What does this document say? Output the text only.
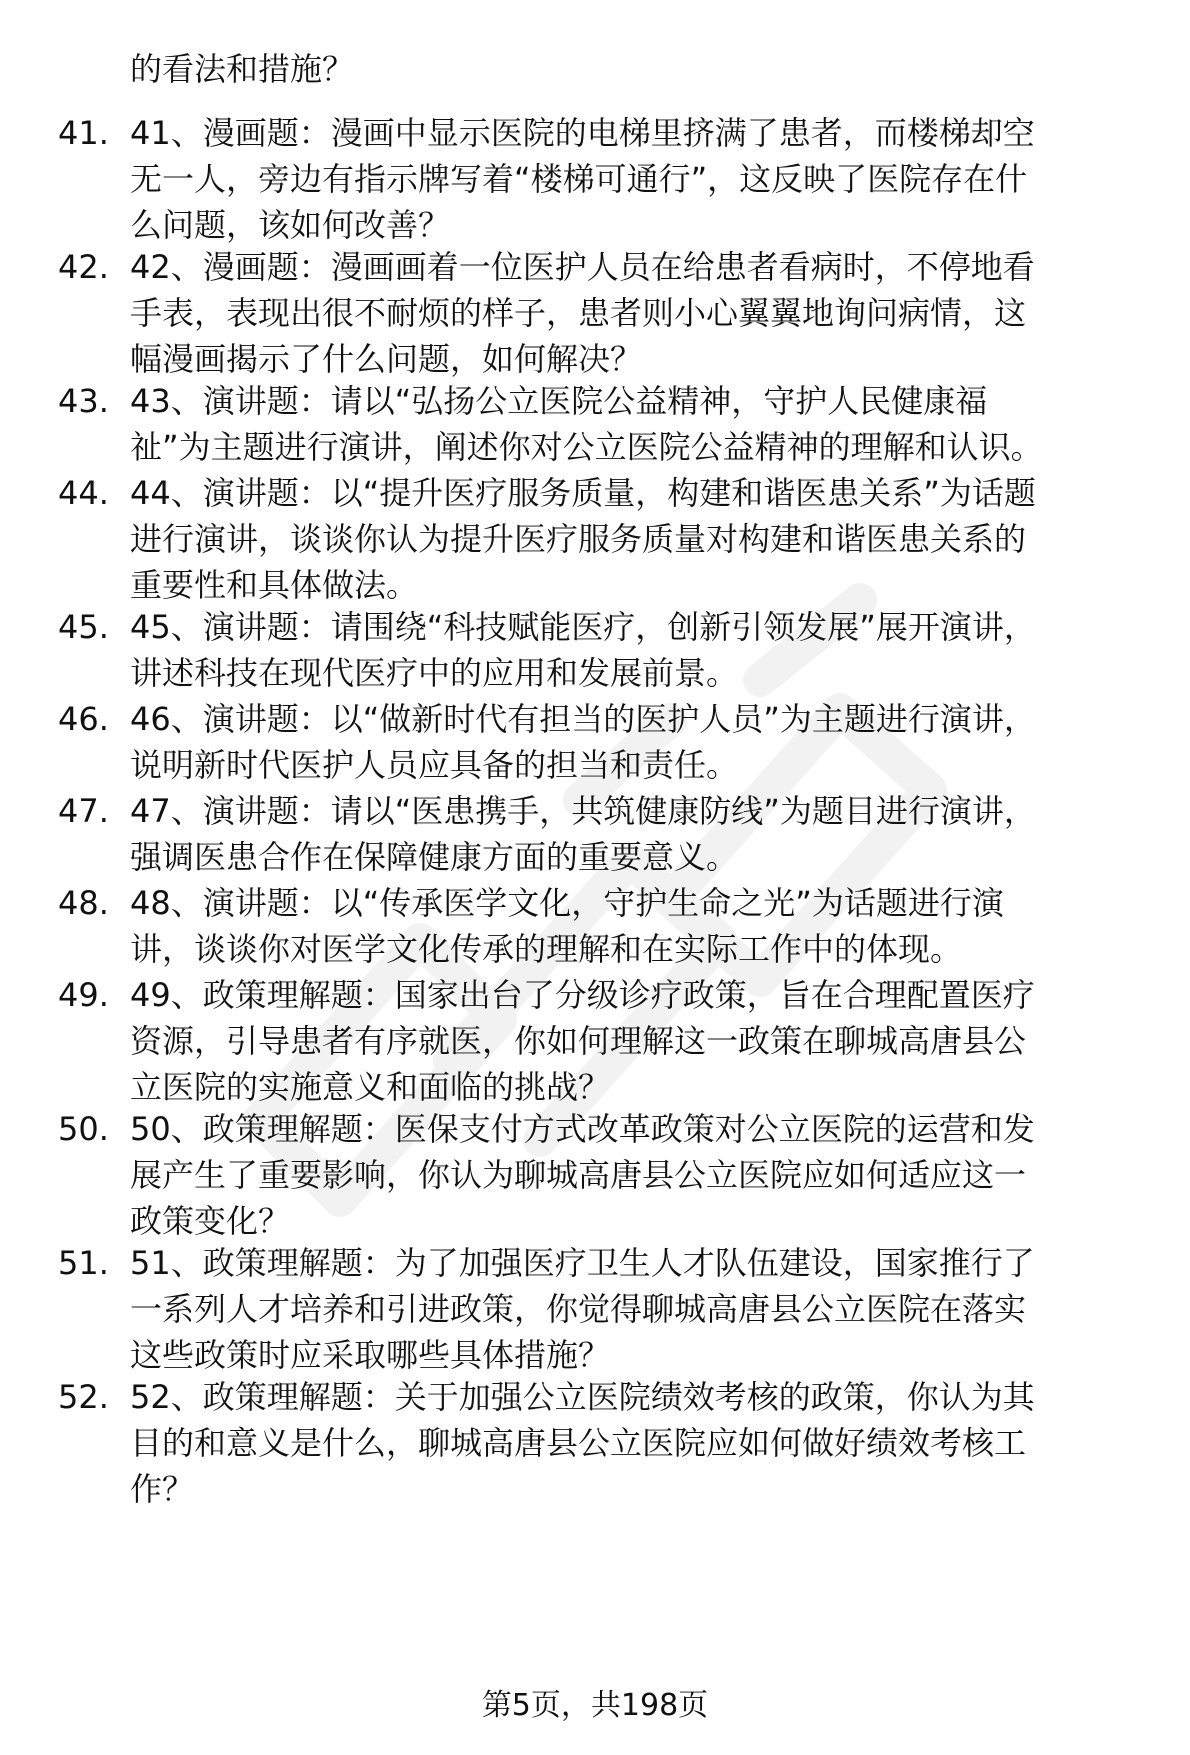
的看法和措施？
41. 41、漫画题：漫画中显示医院的电梯里挤满了患者，而楼梯却空
无一人，旁边有指示牌写着“楼梯可通行”，这反映了医院存在什
么问题，该如何改善？
42. 42、漫画题：漫画画着一位医护人员在给患者看病时，不停地看
手表，表现出很不耐烦的样子，患者则小心翼翼地询问病情，这
幅漫画揭示了什么问题，如何解决？
43. 43、演讲题：请以“弘扬公立医院公益精神，守护人民健康福
祉”为主题进行演讲，阐述你对公立医院公益精神的理解和认识。
44. 44、演讲题：以“提升医疗服务质量，构建和谐医患关系”为话题
进行演讲，谈谈你认为提升医疗服务质量对构建和谐医患关系的
重要性和具体做法。
45. 45、演讲题：请围绕“科技赋能医疗，创新引领发展”展开演讲，
讲述科技在现代医疗中的应用和发展前景。
46. 46、演讲题：以“做新时代有担当的医护人员”为主题进行演讲，
说明新时代医护人员应具备的担当和责任。
47. 47、演讲题：请以“医患携手，共筑健康防线”为题目进行演讲，
强调医患合作在保障健康方面的重要意义。
48. 48、演讲题：以“传承医学文化，守护生命之光”为话题进行演
讲，谈谈你对医学文化传承的理解和在实际工作中的体现。
49. 49、政策理解题：国家出台了分级诊疗政策，旨在合理配置医疗
资源，引导患者有序就医，你如何理解这一政策在聊城高唐县公
立医院的实施意义和面临的挑战？
50. 50、政策理解题：医保支付方式改革政策对公立医院的运营和发
展产生了重要影响，你认为聊城高唐县公立医院应如何适应这一
政策变化？
51. 51、政策理解题：为了加强医疗卫生人才队伍建设，国家推行了
一系列人才培养和引进政策，你觉得聊城高唐县公立医院在落实
这些政策时应采取哪些具体措施？
52. 52、政策理解题：关于加强公立医院绩效考核的政策，你认为其
目的和意义是什么，聊城高唐县公立医院应如何做好绩效考核工
作？
第5页，共198页
